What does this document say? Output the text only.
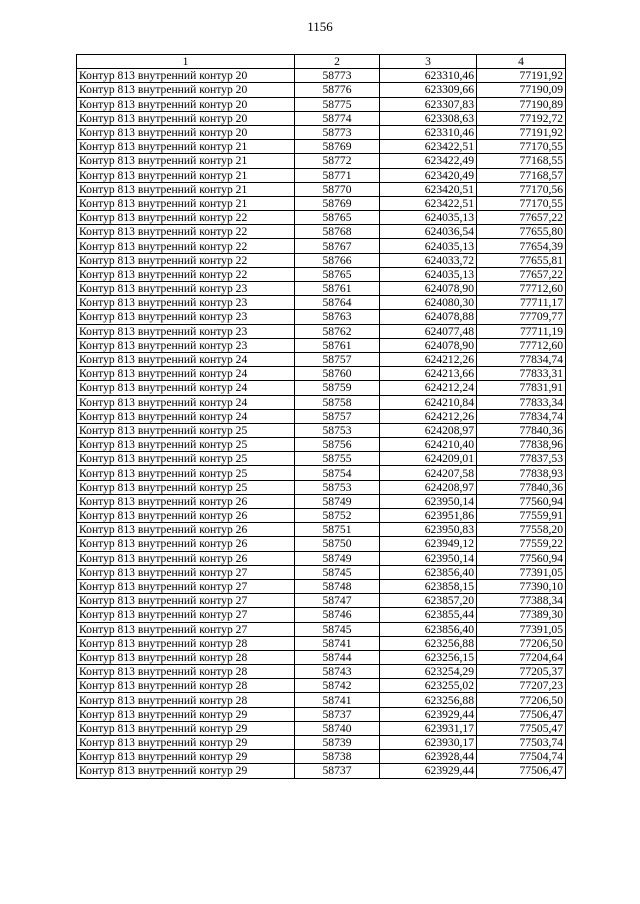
1156
1	2	3	4
Контур 813 внутренний контур 20	58773	623310,46	77191,92
Контур 813 внутренний контур 20	58776	623309,66	77190,09
Контур 813 внутренний контур 20	58775	623307,83	77190,89
Контур 813 внутренний контур 20	58774	623308,63	77192,72
Контур 813 внутренний контур 20	58773	623310,46	77191,92
Контур 813 внутренний контур 21	58769	623422,51	77170,55
Контур 813 внутренний контур 21	58772	623422,49	77168,55
Контур 813 внутренний контур 21	58771	623420,49	77168,57
Контур 813 внутренний контур 21	58770	623420,51	77170,56
Контур 813 внутренний контур 21	58769	623422,51	77170,55
Контур 813 внутренний контур 22	58765	624035,13	77657,22
Контур 813 внутренний контур 22	58768	624036,54	77655,80
Контур 813 внутренний контур 22	58767	624035,13	77654,39
Контур 813 внутренний контур 22	58766	624033,72	77655,81
Контур 813 внутренний контур 22	58765	624035,13	77657,22
Контур 813 внутренний контур 23	58761	624078,90	77712,60
Контур 813 внутренний контур 23	58764	624080,30	77711,17
Контур 813 внутренний контур 23	58763	624078,88	77709,77
Контур 813 внутренний контур 23	58762	624077,48	77711,19
Контур 813 внутренний контур 23	58761	624078,90	77712,60
Контур 813 внутренний контур 24	58757	624212,26	77834,74
Контур 813 внутренний контур 24	58760	624213,66	77833,31
Контур 813 внутренний контур 24	58759	624212,24	77831,91
Контур 813 внутренний контур 24	58758	624210,84	77833,34
Контур 813 внутренний контур 24	58757	624212,26	77834,74
Контур 813 внутренний контур 25	58753	624208,97	77840,36
Контур 813 внутренний контур 25	58756	624210,40	77838,96
Контур 813 внутренний контур 25	58755	624209,01	77837,53
Контур 813 внутренний контур 25	58754	624207,58	77838,93
Контур 813 внутренний контур 25	58753	624208,97	77840,36
Контур 813 внутренний контур 26	58749	623950,14	77560,94
Контур 813 внутренний контур 26	58752	623951,86	77559,91
Контур 813 внутренний контур 26	58751	623950,83	77558,20
Контур 813 внутренний контур 26	58750	623949,12	77559,22
Контур 813 внутренний контур 26	58749	623950,14	77560,94
Контур 813 внутренний контур 27	58745	623856,40	77391,05
Контур 813 внутренний контур 27	58748	623858,15	77390,10
Контур 813 внутренний контур 27	58747	623857,20	77388,34
Контур 813 внутренний контур 27	58746	623855,44	77389,30
Контур 813 внутренний контур 27	58745	623856,40	77391,05
Контур 813 внутренний контур 28	58741	623256,88	77206,50
Контур 813 внутренний контур 28	58744	623256,15	77204,64
Контур 813 внутренний контур 28	58743	623254,29	77205,37
Контур 813 внутренний контур 28	58742	623255,02	77207,23
Контур 813 внутренний контур 28	58741	623256,88	77206,50
Контур 813 внутренний контур 29	58737	623929,44	77506,47
Контур 813 внутренний контур 29	58740	623931,17	77505,47
Контур 813 внутренний контур 29	58739	623930,17	77503,74
Контур 813 внутренний контур 29	58738	623928,44	77504,74
Контур 813 внутренний контур 29	58737	623929,44	77506,47
